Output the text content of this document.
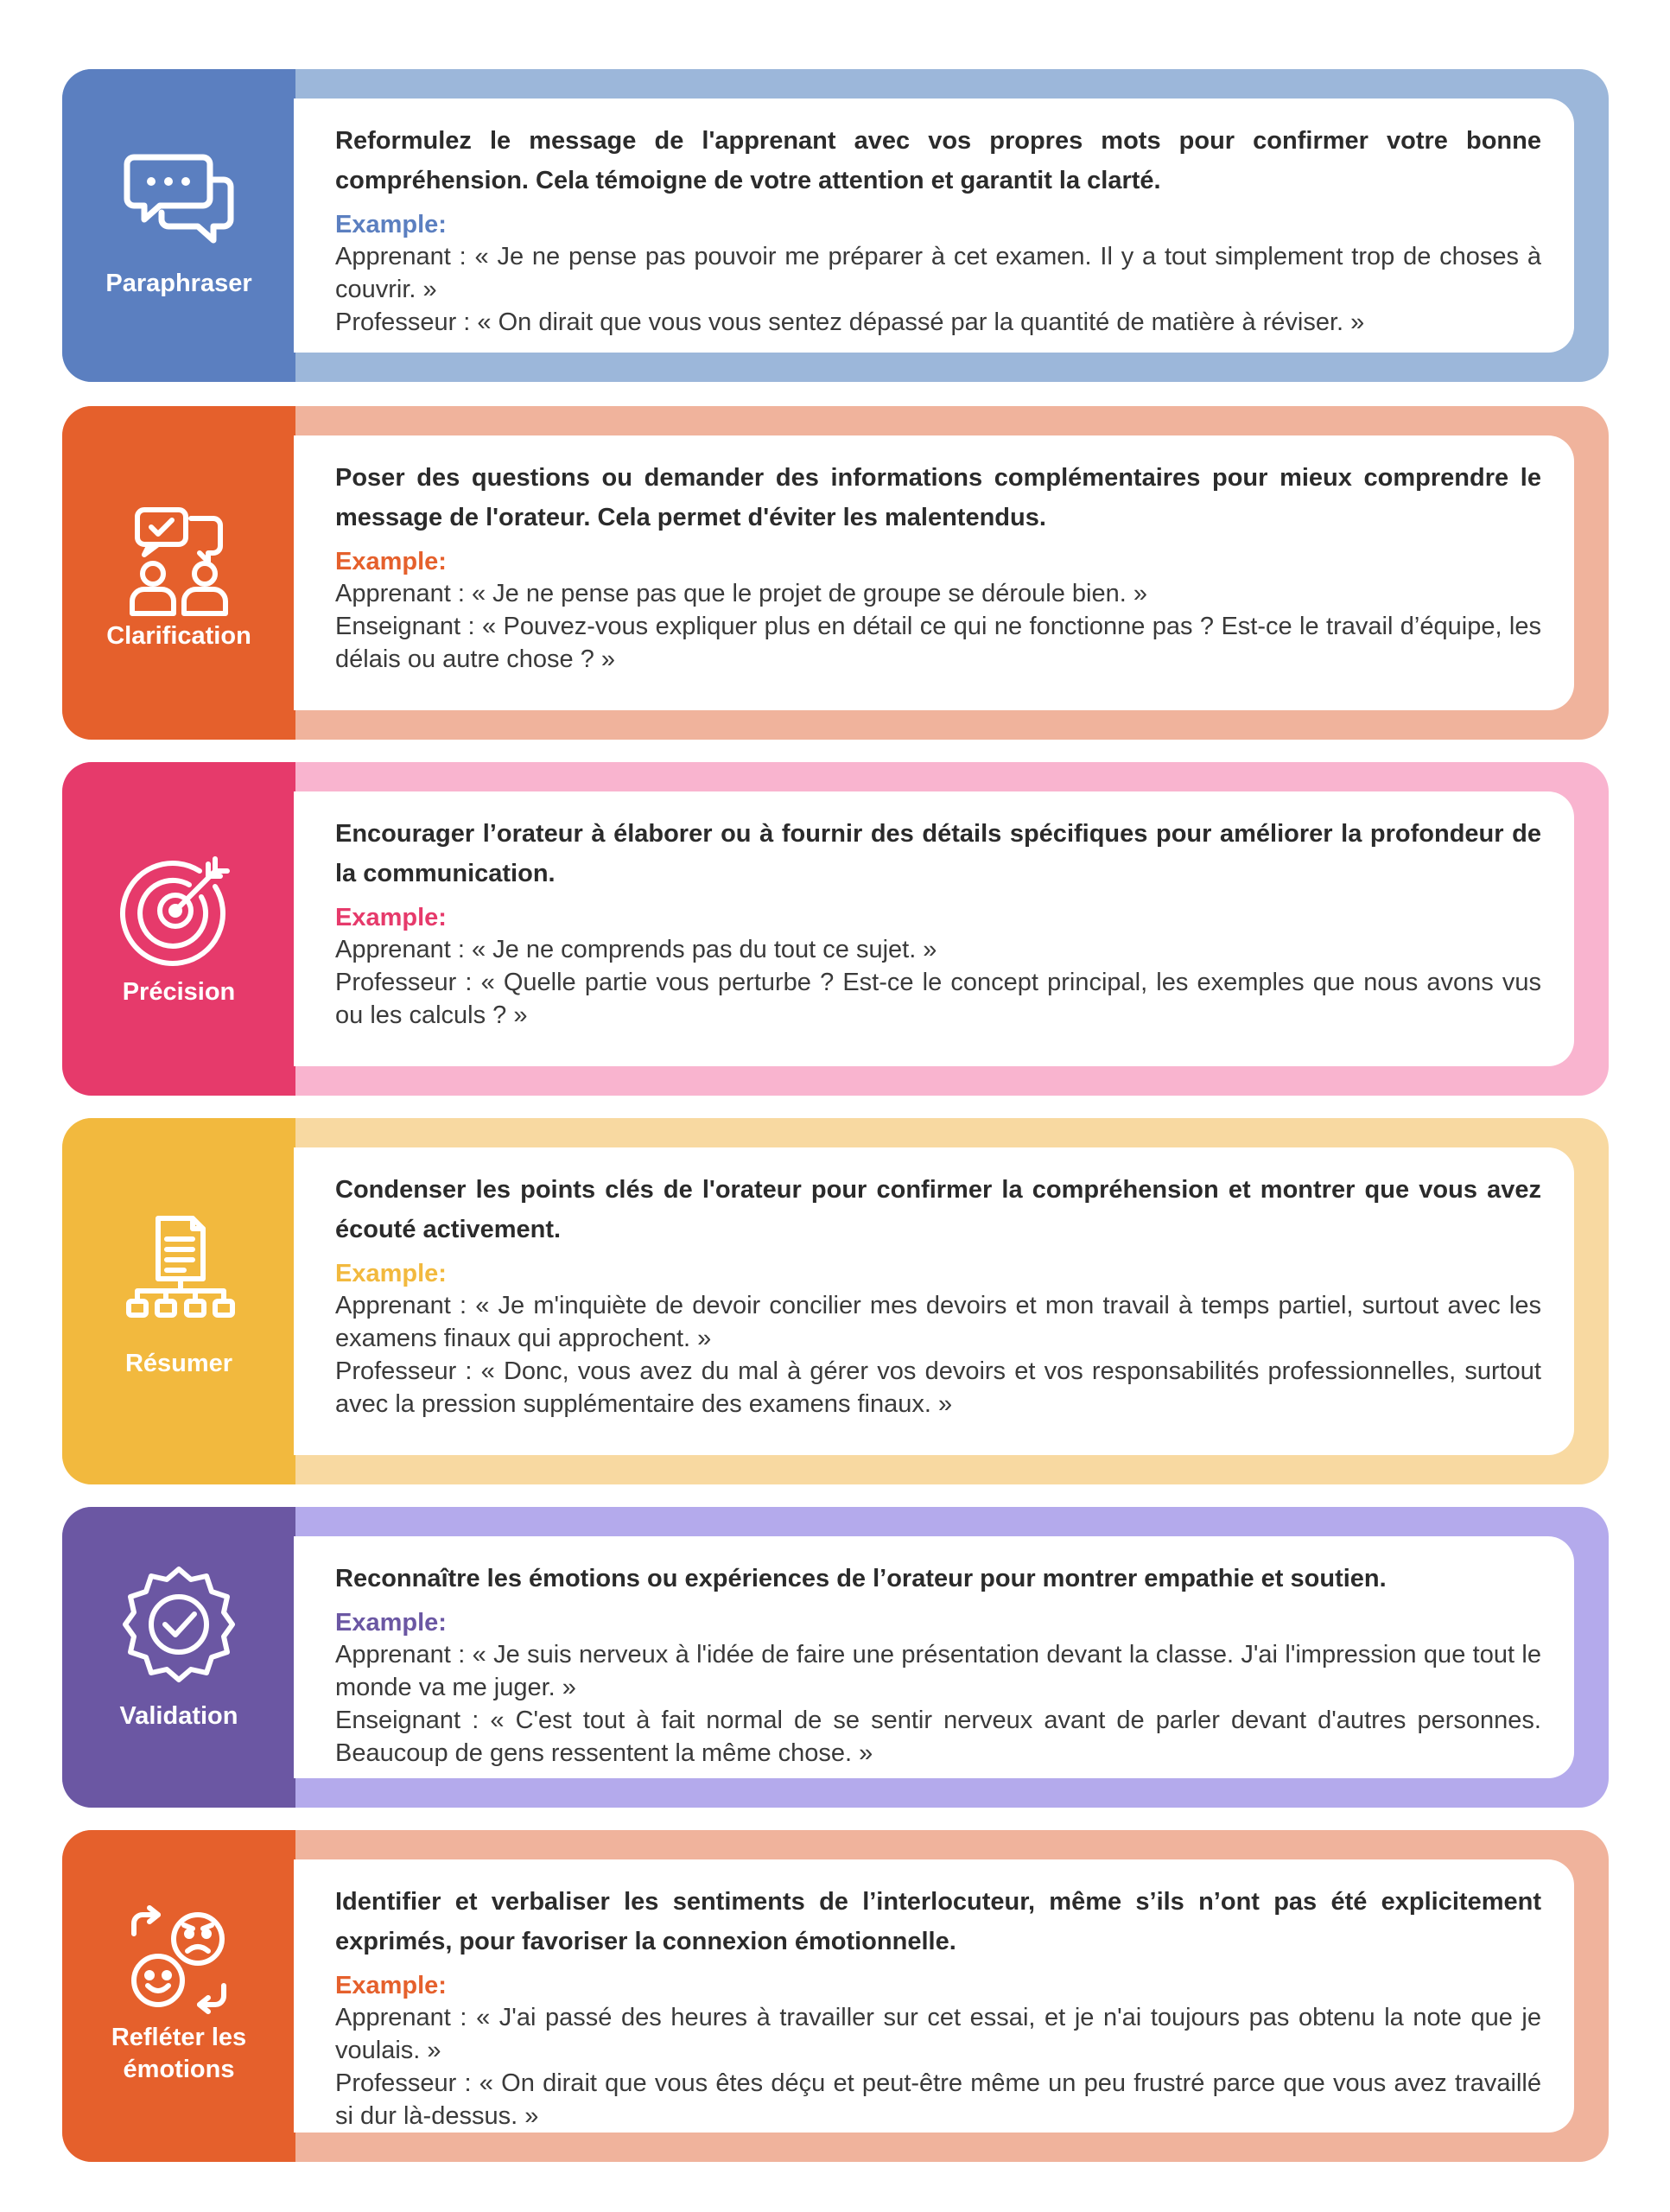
Paraphraser

Reformulez le message de l'apprenant avec vos propres mots pour confirmer votre bonne compréhension. Cela témoigne de votre attention et garantit la clarté.

Example:

Apprenant : « Je ne pense pas pouvoir me préparer à cet examen. Il y a tout simplement trop de choses à couvrir. »

Professeur : « On dirait que vous vous sentez dépassé par la quantité de matière à réviser. »

Clarification

Poser des questions ou demander des informations complémentaires pour mieux comprendre le message de l'orateur. Cela permet d'éviter les malentendus.

Example:

Apprenant : « Je ne pense pas que le projet de groupe se déroule bien. »

Enseignant : « Pouvez-vous expliquer plus en détail ce qui ne fonctionne pas ? Est-ce le travail d’équipe, les délais ou autre chose ? »

Précision

Encourager l’orateur à élaborer ou à fournir des détails spécifiques pour améliorer la profondeur de la communication.

Example:

Apprenant : « Je ne comprends pas du tout ce sujet. »

Professeur : « Quelle partie vous perturbe ? Est-ce le concept principal, les exemples que nous avons vus ou les calculs ? »

Résumer

Condenser les points clés de l'orateur pour confirmer la compréhension et montrer que vous avez écouté activement.

Example:

Apprenant : « Je m'inquiète de devoir concilier mes devoirs et mon travail à temps partiel, surtout avec les examens finaux qui approchent. »

Professeur : « Donc, vous avez du mal à gérer vos devoirs et vos responsabilités professionnelles, surtout avec la pression supplémentaire des examens finaux. »

Validation

Reconnaître les émotions ou expériences de l’orateur pour montrer empathie et soutien.

Example:

Apprenant : « Je suis nerveux à l'idée de faire une présentation devant la classe. J'ai l'impression que tout le monde va me juger. »

Enseignant : « C'est tout à fait normal de se sentir nerveux avant de parler devant d'autres personnes. Beaucoup de gens ressentent la même chose. »

Refléter les émotions

Identifier et verbaliser les sentiments de l’interlocuteur, même s’ils n’ont pas été explicitement exprimés, pour favoriser la connexion émotionnelle.

Example:

Apprenant : « J'ai passé des heures à travailler sur cet essai, et je n'ai toujours pas obtenu la note que je voulais. »

Professeur : « On dirait que vous êtes déçu et peut-être même un peu frustré parce que vous avez travaillé si dur là-dessus. »
